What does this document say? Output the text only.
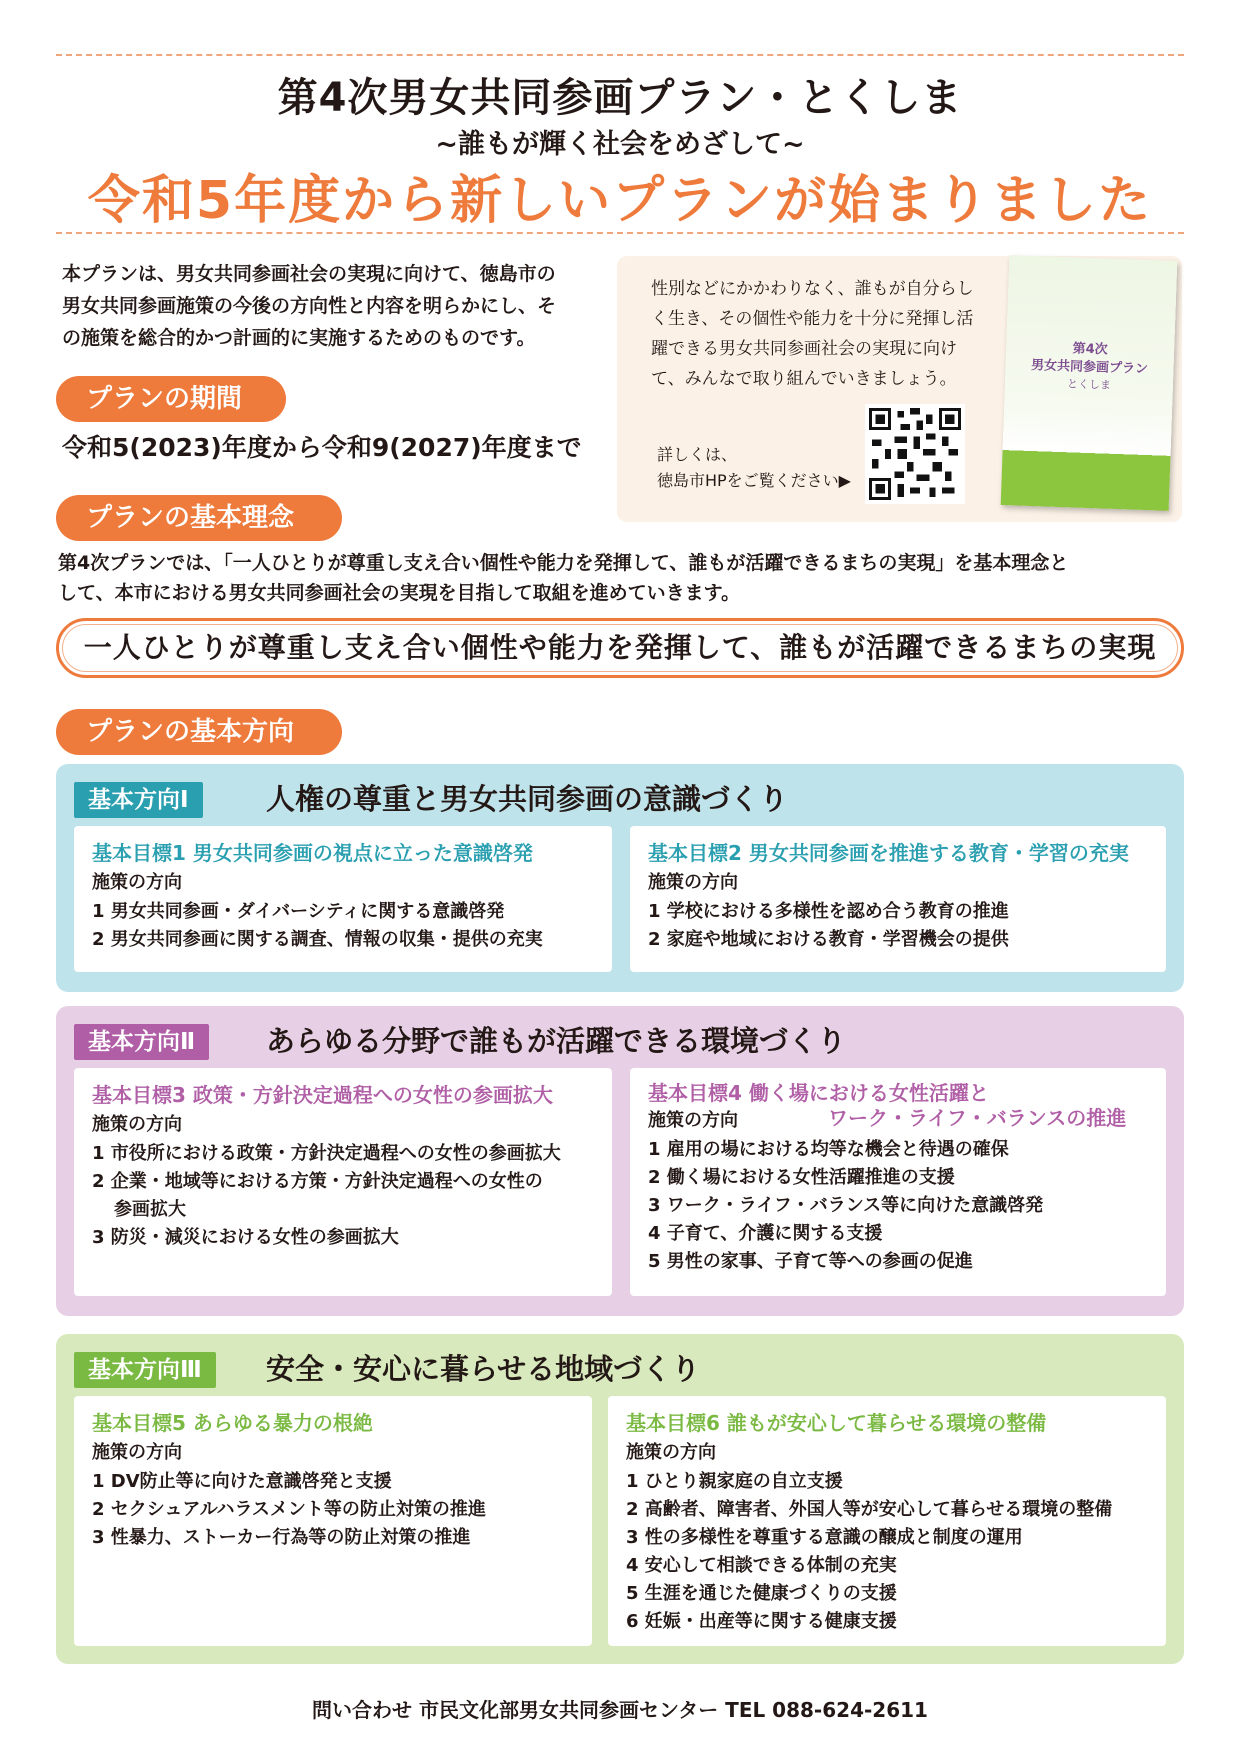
第4次男女共同参画プラン・とくしま
~誰もが輝く社会をめざして~
令和5年度から新しいプランが始まりました
本プランは、男女共同参画社会の実現に向けて、徳島市の
男女共同参画施策の今後の方向性と内容を明らかにし、そ
の施策を総合的かつ計画的に実施するためのものです。
プランの期間
令和5(2023)年度から令和9(2027)年度まで
性別などにかかわりなく、誰もが自分らし
く生き、その個性や能力を十分に発揮し活
躍できる男女共同参画社会の実現に向け
て、みんなで取り組んでいきましょう。
詳しくは、
徳島市HPをご覧ください▶
第4次
男女共同参画プラン
とくしま
プランの基本理念
第4次プランでは、「一人ひとりが尊重し支え合い個性や能力を発揮して、誰もが活躍できるまちの実現」を基本理念と
して、本市における男女共同参画社会の実現を目指して取組を進めていきます。
一人ひとりが尊重し支え合い個性や能力を発揮して、誰もが活躍できるまちの実現
プランの基本方向
基本方向Ⅰ	人権の尊重と男女共同参画の意識づくり
基本目標1 男女共同参画の視点に立った意識啓発
施策の方向
1 男女共同参画・ダイバーシティに関する意識啓発
2 男女共同参画に関する調査、情報の収集・提供の充実
基本目標2 男女共同参画を推進する教育・学習の充実
施策の方向
1 学校における多様性を認め合う教育の推進
2 家庭や地域における教育・学習機会の提供
基本方向Ⅱ	あらゆる分野で誰もが活躍できる環境づくり
基本目標3 政策・方針決定過程への女性の参画拡大
施策の方向
1 市役所における政策・方針決定過程への女性の参画拡大
2 企業・地域等における方策・方針決定過程への女性の
参画拡大
3 防災・減災における女性の参画拡大
基本目標4 働く場における女性活躍と
ワーク・ライフ・バランスの推進
施策の方向
1 雇用の場における均等な機会と待遇の確保
2 働く場における女性活躍推進の支援
3 ワーク・ライフ・バランス等に向けた意識啓発
4 子育て、介護に関する支援
5 男性の家事、子育て等への参画の促進
基本方向Ⅲ	安全・安心に暮らせる地域づくり
基本目標5 あらゆる暴力の根絶
施策の方向
1 DV防止等に向けた意識啓発と支援
2 セクシュアルハラスメント等の防止対策の推進
3 性暴力、ストーカー行為等の防止対策の推進
基本目標6 誰もが安心して暮らせる環境の整備
施策の方向
1 ひとり親家庭の自立支援
2 高齢者、障害者、外国人等が安心して暮らせる環境の整備
3 性の多様性を尊重する意識の醸成と制度の運用
4 安心して相談できる体制の充実
5 生涯を通じた健康づくりの支援
6 妊娠・出産等に関する健康支援
問い合わせ 市民文化部男女共同参画センター TEL 088-624-2611
